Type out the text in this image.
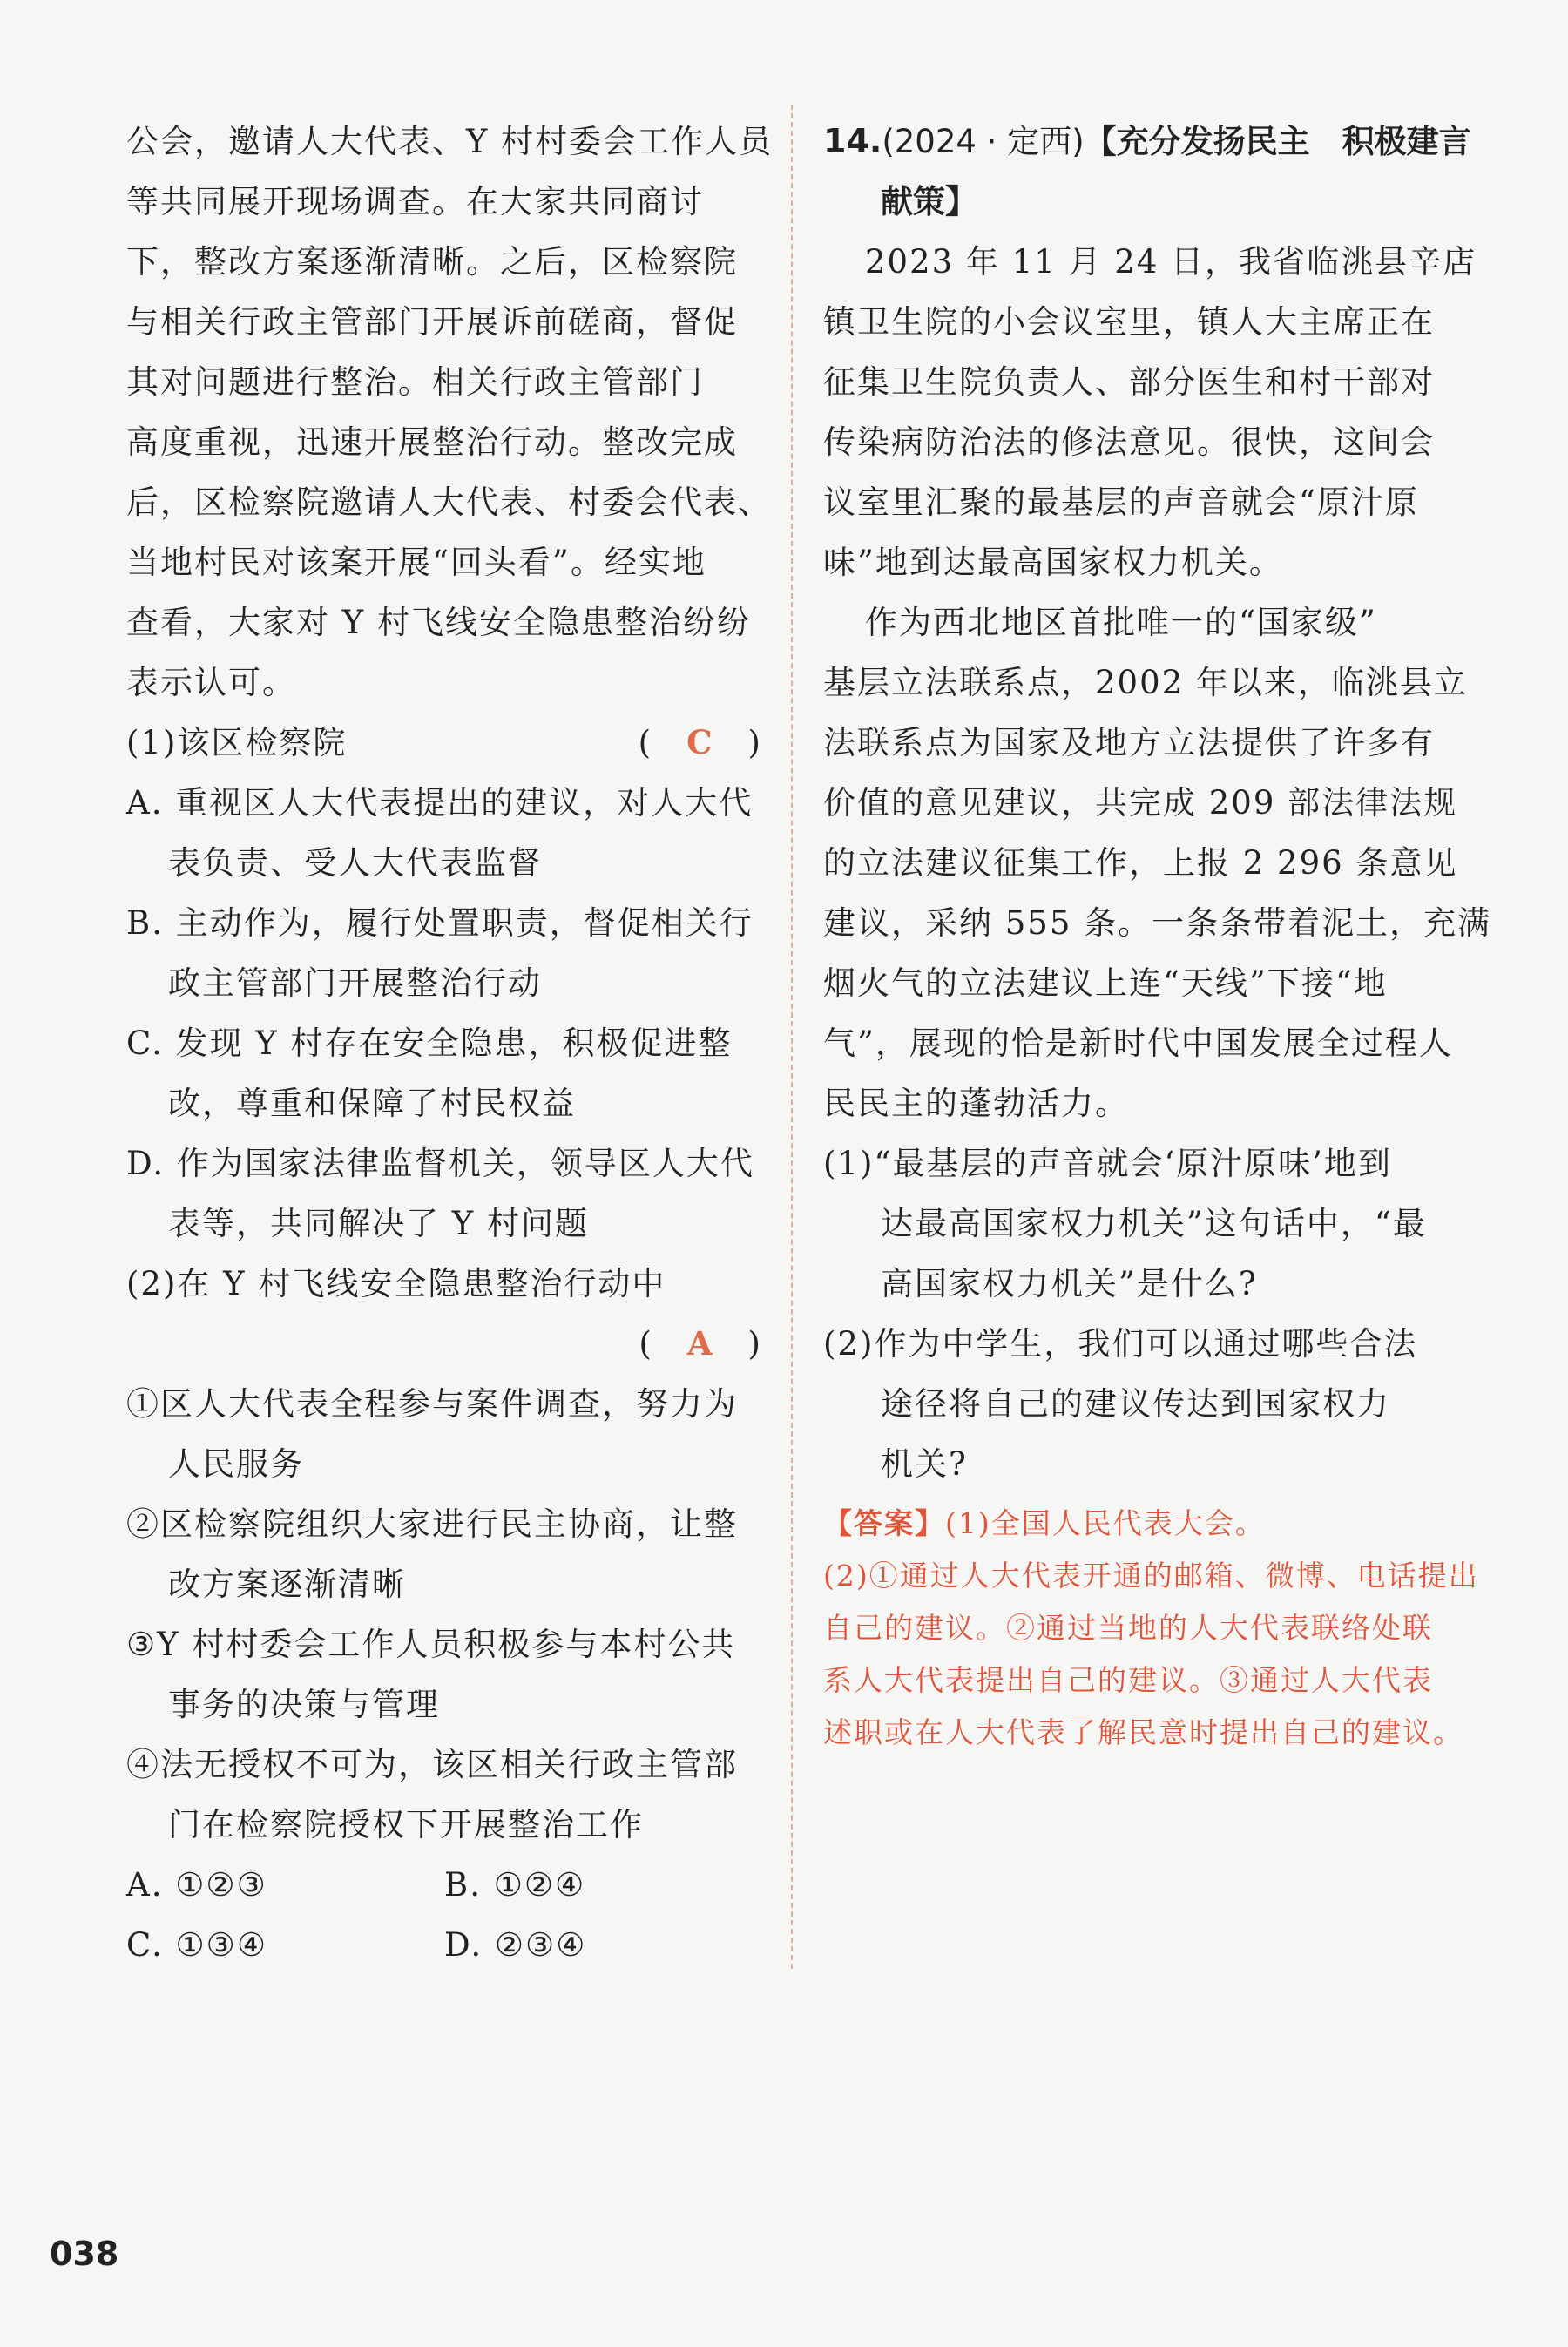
公会，邀请人大代表、Y 村村委会工作人员
等共同展开现场调查。在大家共同商讨
下，整改方案逐渐清晰。之后，区检察院
与相关行政主管部门开展诉前磋商，督促
其对问题进行整治。相关行政主管部门
高度重视，迅速开展整治行动。整改完成
后，区检察院邀请人大代表、村委会代表、
当地村民对该案开展“回头看”。经实地
查看，大家对 Y 村飞线安全隐患整治纷纷
表示认可。
(1)该区检察院	(　C　)
A. 重视区人大代表提出的建议，对人大代
表负责、受人大代表监督
B. 主动作为，履行处置职责，督促相关行
政主管部门开展整治行动
C. 发现 Y 村存在安全隐患，积极促进整
改，尊重和保障了村民权益
D. 作为国家法律监督机关，领导区人大代
表等，共同解决了 Y 村问题
(2)在 Y 村飞线安全隐患整治行动中
(　A　)
①区人大代表全程参与案件调查，努力为
人民服务
②区检察院组织大家进行民主协商，让整
改方案逐渐清晰
③Y 村村委会工作人员积极参与本村公共
事务的决策与管理
④法无授权不可为，该区相关行政主管部
门在检察院授权下开展整治工作
A. ①②③	B. ①②④
C. ①③④	D. ②③④
14.(2024 · 定西)【充分发扬民主　积极建言
献策】
2023 年 11 月 24 日，我省临洮县辛店
镇卫生院的小会议室里，镇人大主席正在
征集卫生院负责人、部分医生和村干部对
传染病防治法的修法意见。很快，这间会
议室里汇聚的最基层的声音就会“原汁原
味”地到达最高国家权力机关。
作为西北地区首批唯一的“国家级”
基层立法联系点，2002 年以来，临洮县立
法联系点为国家及地方立法提供了许多有
价值的意见建议，共完成 209 部法律法规
的立法建议征集工作，上报 2 296 条意见
建议，采纳 555 条。一条条带着泥土，充满
烟火气的立法建议上连“天线”下接“地
气”，展现的恰是新时代中国发展全过程人
民民主的蓬勃活力。
(1)“最基层的声音就会‘原汁原味’地到
达最高国家权力机关”这句话中，“最
高国家权力机关”是什么?
(2)作为中学生，我们可以通过哪些合法
途径将自己的建议传达到国家权力
机关?
【答案】(1)全国人民代表大会。
(2)①通过人大代表开通的邮箱、微博、电话提出
自己的建议。②通过当地的人大代表联络处联
系人大代表提出自己的建议。③通过人大代表
述职或在人大代表了解民意时提出自己的建议。
038
